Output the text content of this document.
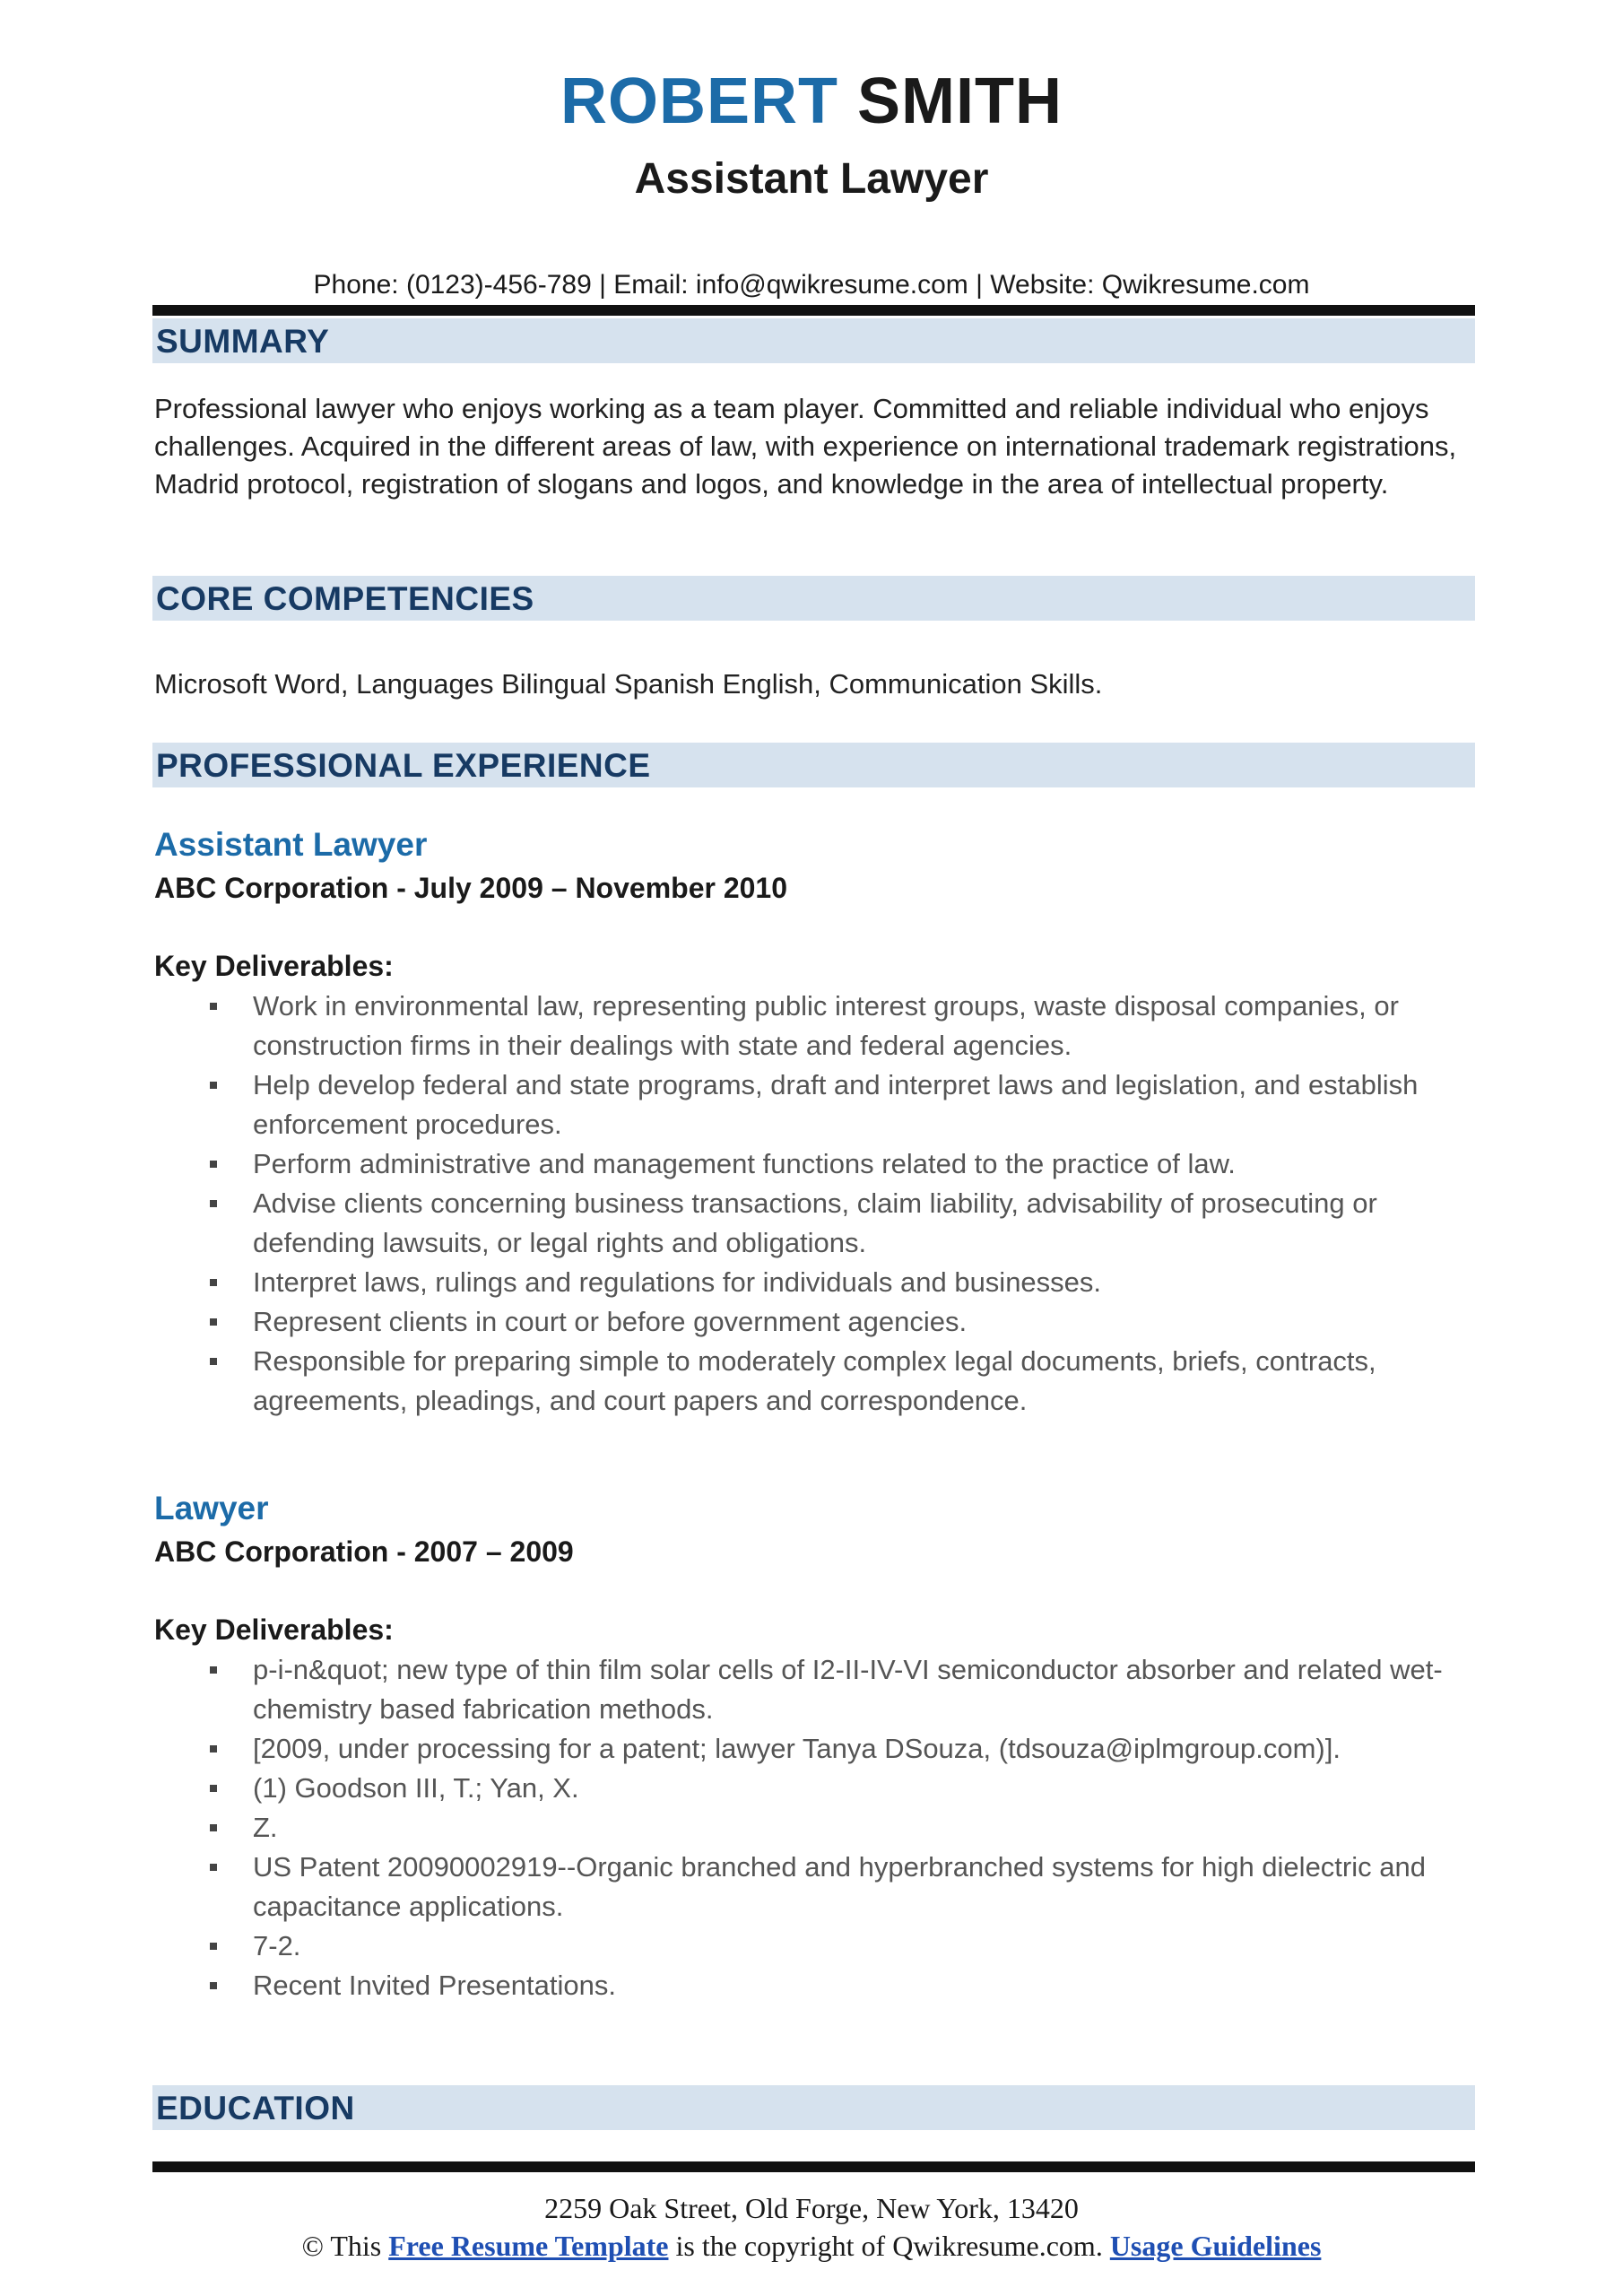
ROBERT SMITH
Assistant Lawyer
Phone: (0123)-456-789 | Email: info@qwikresume.com | Website: Qwikresume.com
SUMMARY
Professional lawyer who enjoys working as a team player. Committed and reliable individual who enjoys challenges. Acquired in the different areas of law, with experience on international trademark registrations, Madrid protocol, registration of slogans and logos, and knowledge in the area of intellectual property.
CORE COMPETENCIES
Microsoft Word, Languages Bilingual Spanish English, Communication Skills.
PROFESSIONAL EXPERIENCE
Assistant Lawyer
ABC Corporation - July 2009 – November 2010
Key Deliverables:
Work in environmental law, representing public interest groups, waste disposal companies, or construction firms in their dealings with state and federal agencies.
Help develop federal and state programs, draft and interpret laws and legislation, and establish enforcement procedures.
Perform administrative and management functions related to the practice of law.
Advise clients concerning business transactions, claim liability, advisability of prosecuting or defending lawsuits, or legal rights and obligations.
Interpret laws, rulings and regulations for individuals and businesses.
Represent clients in court or before government agencies.
Responsible for preparing simple to moderately complex legal documents, briefs, contracts, agreements, pleadings, and court papers and correspondence.
Lawyer
ABC Corporation - 2007 – 2009
Key Deliverables:
p-i-n&quot; new type of thin film solar cells of I2-II-IV-VI semiconductor absorber and related wet-chemistry based fabrication methods.
[2009, under processing for a patent; lawyer Tanya DSouza, (tdsouza@iplmgroup.com)].
(1) Goodson III, T.; Yan, X.
Z.
US Patent 20090002919--Organic branched and hyperbranched systems for high dielectric and capacitance applications.
7-2.
Recent Invited Presentations.
EDUCATION
2259 Oak Street, Old Forge, New York, 13420
© This Free Resume Template is the copyright of Qwikresume.com. Usage Guidelines
